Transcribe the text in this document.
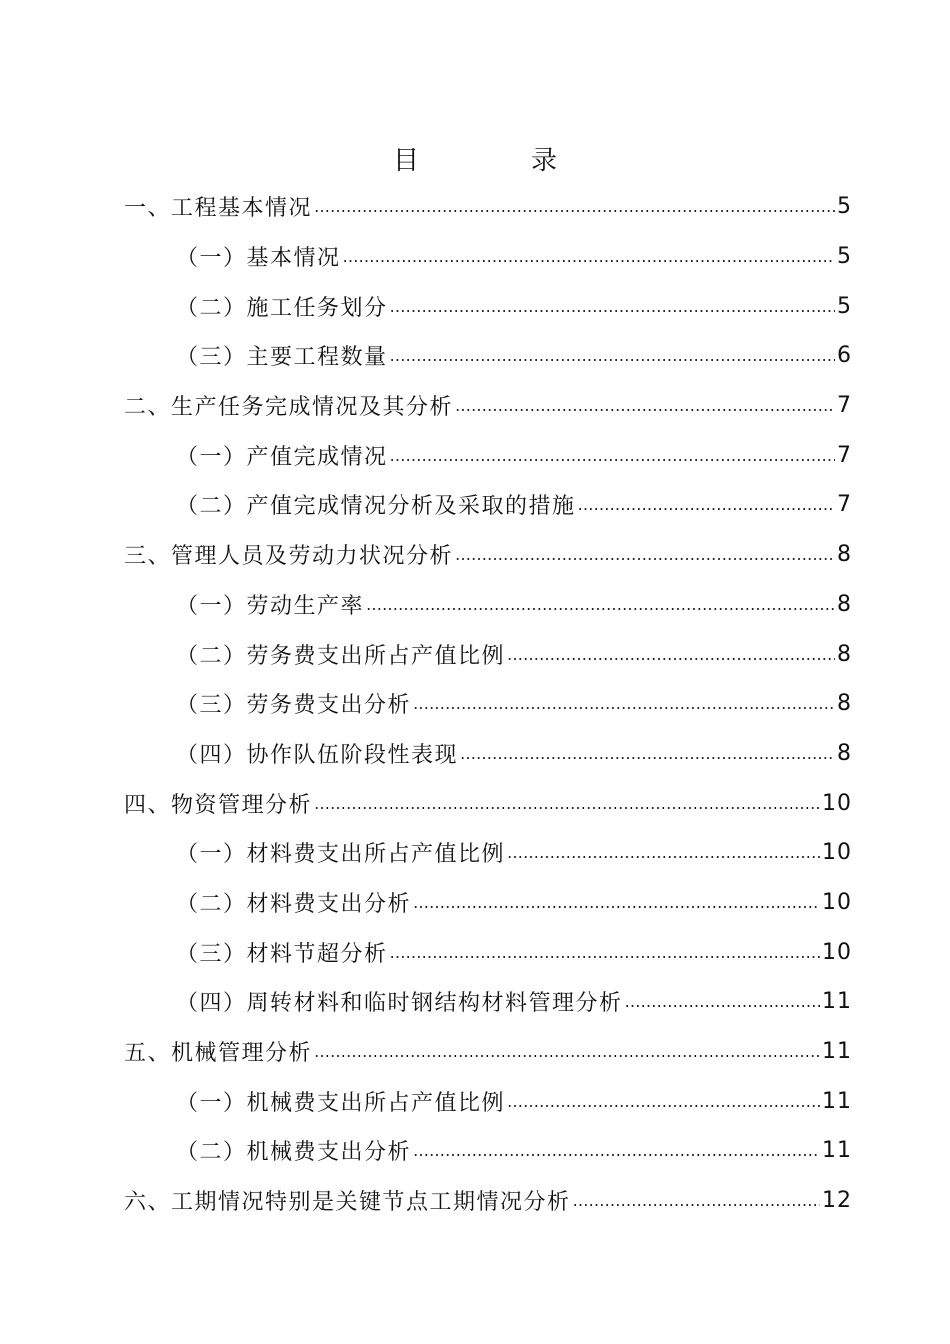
目	录
一、工程基本情况 …………………………………………………………………………………………………………………………………………	5
（一）基本情况 …………………………………………………………………………………………………………………………………………	5
（二）施工任务划分 …………………………………………………………………………………………………………………………………………	5
（三）主要工程数量 …………………………………………………………………………………………………………………………………………	6
二、生产任务完成情况及其分析 …………………………………………………………………………………………………………………………………………	7
（一）产值完成情况 …………………………………………………………………………………………………………………………………………	7
（二）产值完成情况分析及采取的措施 …………………………………………………………………………………………………………………………………………	7
三、管理人员及劳动力状况分析 …………………………………………………………………………………………………………………………………………	8
（一）劳动生产率 …………………………………………………………………………………………………………………………………………	8
（二）劳务费支出所占产值比例 …………………………………………………………………………………………………………………………………………	8
（三）劳务费支出分析 …………………………………………………………………………………………………………………………………………	8
（四）协作队伍阶段性表现 …………………………………………………………………………………………………………………………………………	8
四、物资管理分析 …………………………………………………………………………………………………………………………………………	10
（一）材料费支出所占产值比例 …………………………………………………………………………………………………………………………………………	10
（二）材料费支出分析 …………………………………………………………………………………………………………………………………………	10
（三）材料节超分析 …………………………………………………………………………………………………………………………………………	10
（四）周转材料和临时钢结构材料管理分析 …………………………………………………………………………………………………………………………………………	11
五、机械管理分析 …………………………………………………………………………………………………………………………………………	11
（一）机械费支出所占产值比例 …………………………………………………………………………………………………………………………………………	11
（二）机械费支出分析 …………………………………………………………………………………………………………………………………………	11
六、工期情况特别是关键节点工期情况分析 …………………………………………………………………………………………………………………………………………	12
